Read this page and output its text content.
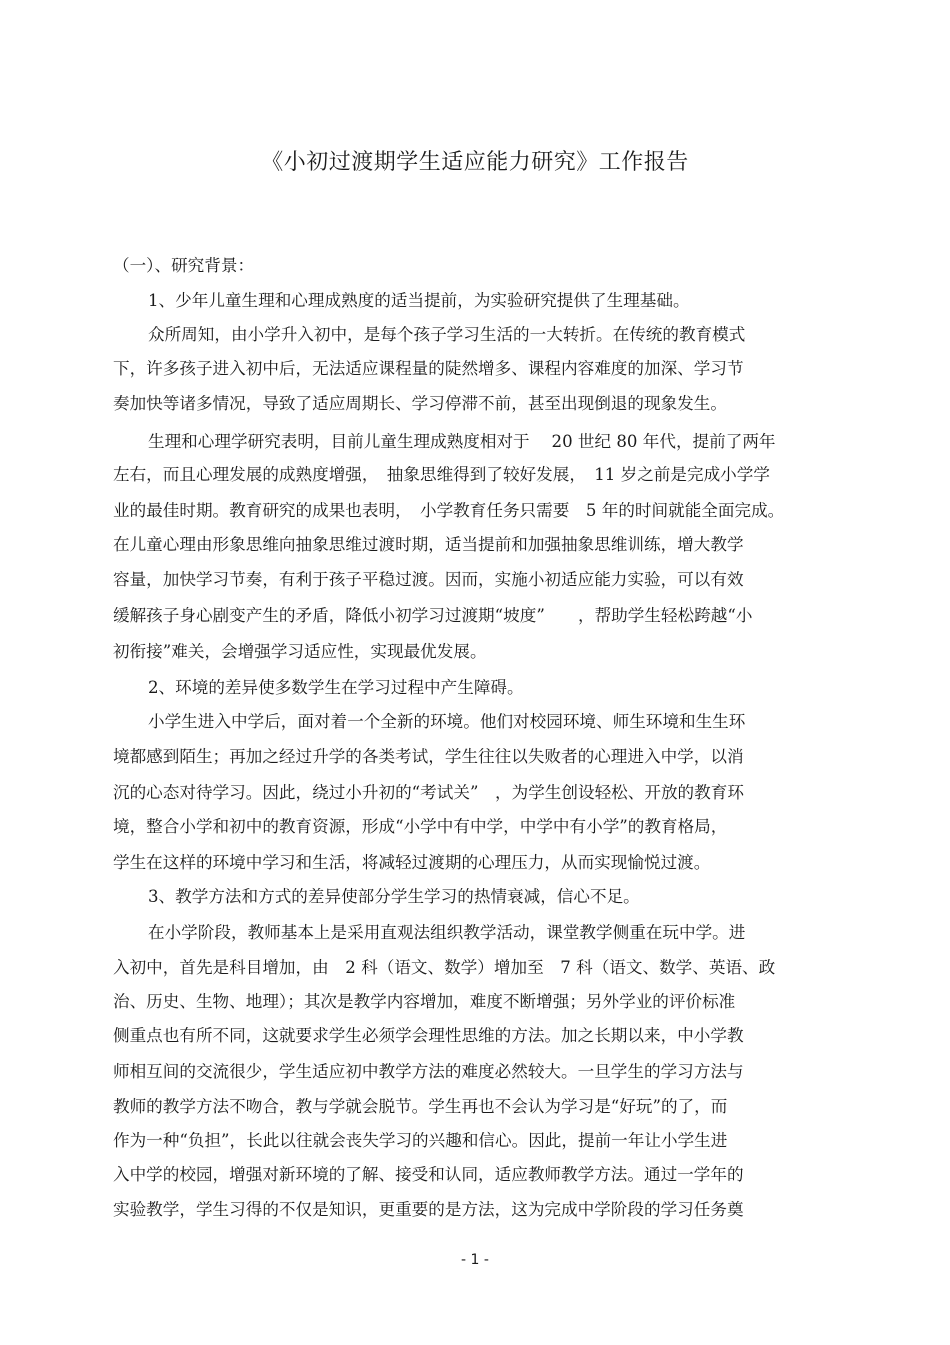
《小初过渡期学生适应能力研究》工作报告
（一）、研究背景：
1、少年儿童生理和心理成熟度的适当提前，为实验研究提供了生理基础。
众所周知，由小学升入初中，是每个孩子学习生活的一大转折。在传统的教育模式
下，许多孩子进入初中后，无法适应课程量的陡然增多、课程内容难度的加深、学习节
奏加快等诸多情况，导致了适应周期长、学习停滞不前，甚至出现倒退的现象发生。
生理和心理学研究表明，目前儿童生理成熟度相对于　 20 世纪 80 年代，提前了两年
左右，而且心理发展的成熟度增强，　抽象思维得到了较好发展，　11 岁之前是完成小学学
业的最佳时期。教育研究的成果也表明，　小学教育任务只需要　5 年的时间就能全面完成。
在儿童心理由形象思维向抽象思维过渡时期，适当提前和加强抽象思维训练，增大教学
容量，加快学习节奏，有利于孩子平稳过渡。因而，实施小初适应能力实验，可以有效
缓解孩子身心剧变产生的矛盾，降低小初学习过渡期“坡度”　　，帮助学生轻松跨越“小
初衔接”难关，会增强学习适应性，实现最优发展。
2、环境的差异使多数学生在学习过程中产生障碍。
小学生进入中学后，面对着一个全新的环境。他们对校园环境、师生环境和生生环
境都感到陌生；再加之经过升学的各类考试，学生往往以失败者的心理进入中学，以消
沉的心态对待学习。因此，绕过小升初的“考试关”　，为学生创设轻松、开放的教育环
境，整合小学和初中的教育资源，形成“小学中有中学，中学中有小学”的教育格局，
学生在这样的环境中学习和生活，将减轻过渡期的心理压力，从而实现愉悦过渡。
3、教学方法和方式的差异使部分学生学习的热情衰减，信心不足。
在小学阶段，教师基本上是采用直观法组织教学活动，课堂教学侧重在玩中学。进
入初中，首先是科目增加，由　2 科（语文、数学）增加至　7 科（语文、数学、英语、政
治、历史、生物、地理）；其次是教学内容增加，难度不断增强；另外学业的评价标准
侧重点也有所不同，这就要求学生必须学会理性思维的方法。加之长期以来，中小学教
师相互间的交流很少，学生适应初中教学方法的难度必然较大。一旦学生的学习方法与
教师的教学方法不吻合，教与学就会脱节。学生再也不会认为学习是“好玩”的了，而
作为一种“负担”，长此以往就会丧失学习的兴趣和信心。因此，提前一年让小学生进
入中学的校园，增强对新环境的了解、接受和认同，适应教师教学方法。通过一学年的
实验教学，学生习得的不仅是知识，更重要的是方法，这为完成中学阶段的学习任务奠
- 1 -
